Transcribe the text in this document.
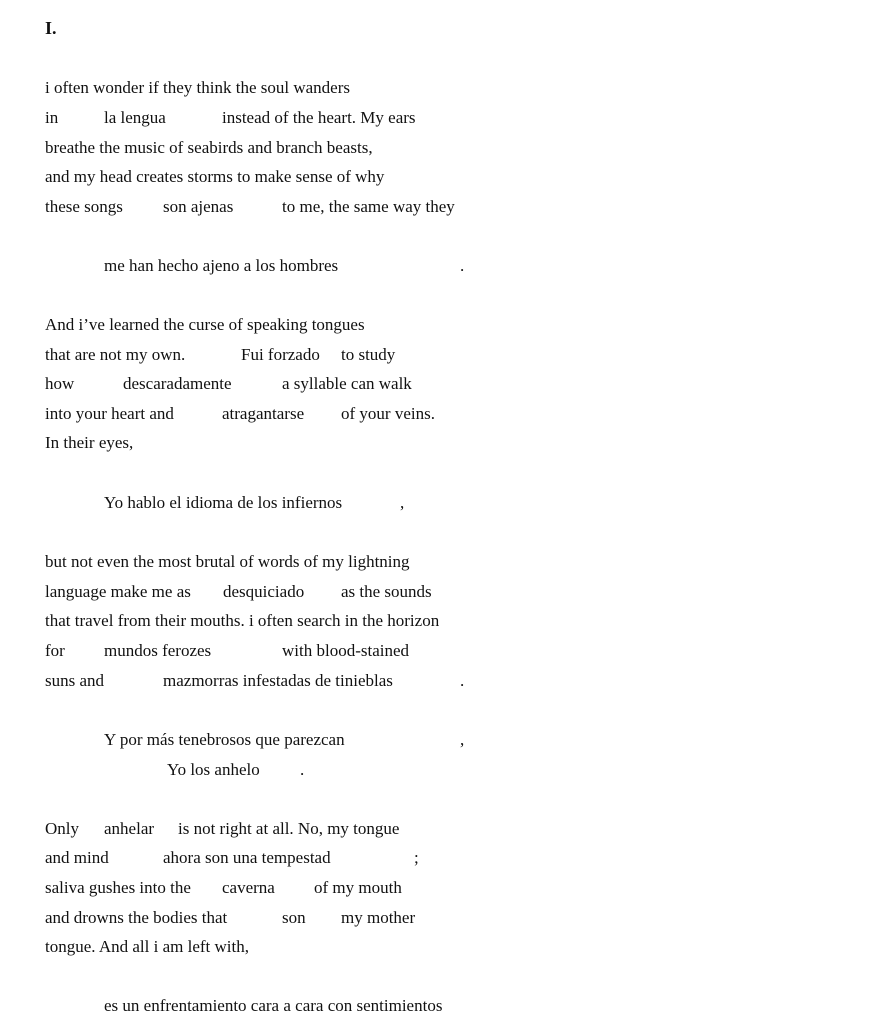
I.
i often wonder if they think the soul wanders
in	la lengua	instead of the heart. My ears
breathe the music of seabirds and branch beasts,
and my head creates storms to make sense of why
these songs son ajenas	to me, the same way they
me han hecho ajeno a los hombres	.
And i’ve learned the curse of speaking tongues
that are not my own.	Fui forzado to study
how	descaradamente	a syllable can walk
into your heart and	atragantarse of your veins.
In their eyes,
Yo hablo el idioma de los infiernos	,
but not even the most brutal of words of my lightning
language make me as desquiciado as the sounds
that travel from their mouths. i often search in the horizon
for mundos ferozes	with blood-stained
suns and	mazmorras infestadas de tinieblas	.
Y por más tenebrosos que parezcan	,
Yo los anhelo .
Only anhelar is not right at all. No, my tongue
and mind	ahora son una tempestad	;
saliva gushes into the caverna of my mouth
and drowns the bodies that	son my mother
tongue. And all i am left with,
es un enfrentamiento cara a cara con sentimientos
